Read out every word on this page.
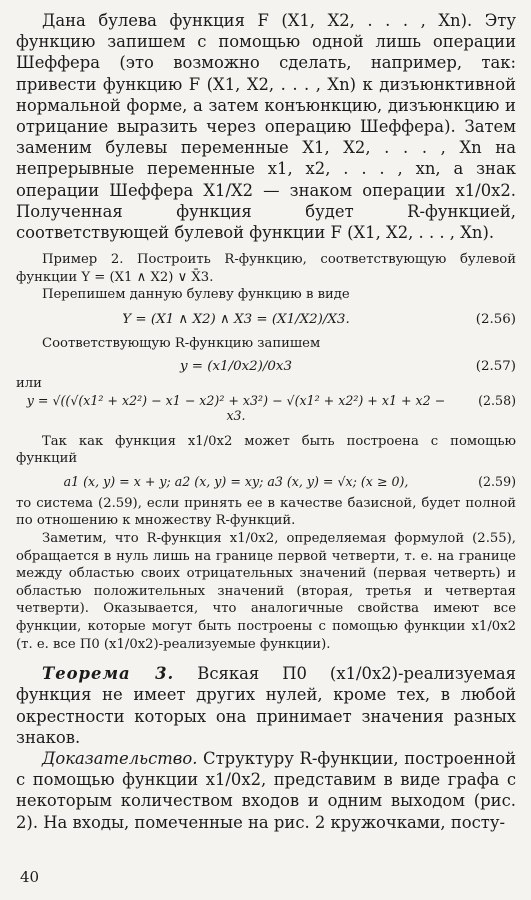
Дана булева функция F (X1, X2, . . . , Xn). Эту функцию запишем с помощью одной лишь операции Шеффера (это возможно сделать, например, так: привести функцию F (X1, X2, . . . , Xn) к дизъюнктивной нормальной форме, а затем конъюнкцию, дизъюнкцию и отрицание выразить через операцию Шеффера). Затем заменим булевы переменные X1, X2, . . . , Xn на непрерывные переменные x1, x2, . . . , xn, а знак операции Шеффера X1/X2 — знаком операции x1/0x2. Полученная функция будет R-функцией, соответствующей булевой функции F (X1, X2, . . . , Xn).

Пример 2. Построить R-функцию, соответствующую булевой функции Y = (X1 ∧ X2) ∨ X̄3.

Перепишем данную булеву функцию в виде

Y = (X1 ∧ X2) ∧ X3 = (X1/X2)/X3.	(2.56)

Соответствующую R-функцию запишем

y = (x1/0x2)/0x3	(2.57)

или

y = √((√(x1² + x2²) − x1 − x2)² + x3²) − √(x1² + x2²) + x1 + x2 − x3.
(2.58)

Так как функция x1/0x2 может быть построена с помощью функций

a1 (x, y) = x + y; a2 (x, y) = xy; a3 (x, y) = √x; (x ≥ 0),	(2.59)

то система (2.59), если принять ее в качестве базисной, будет полной по отношению к множеству R-функций.

Заметим, что R-функция x1/0x2, определяемая формулой (2.55), обращается в нуль лишь на границе первой четверти, т. е. на границе между областью своих отрицательных значений (первая четверть) и областью положительных значений (вторая, третья и четвертая четверти). Оказывается, что аналогичные свойства имеют все функции, которые могут быть построены с помощью функции x1/0x2 (т. е. все П0 (x1/0x2)-реализуемые функции).

Теорема 3. Всякая П0 (x1/0x2)-реализуемая функция не имеет других нулей, кроме тех, в любой окрестности которых она принимает значения разных знаков.

Доказательство. Структуру R-функции, построенной с помощью функции x1/0x2, представим в виде графа с некоторым количеством входов и одним выходом (рис. 2). На входы, помеченные на рис. 2 кружочками, посту-

40
